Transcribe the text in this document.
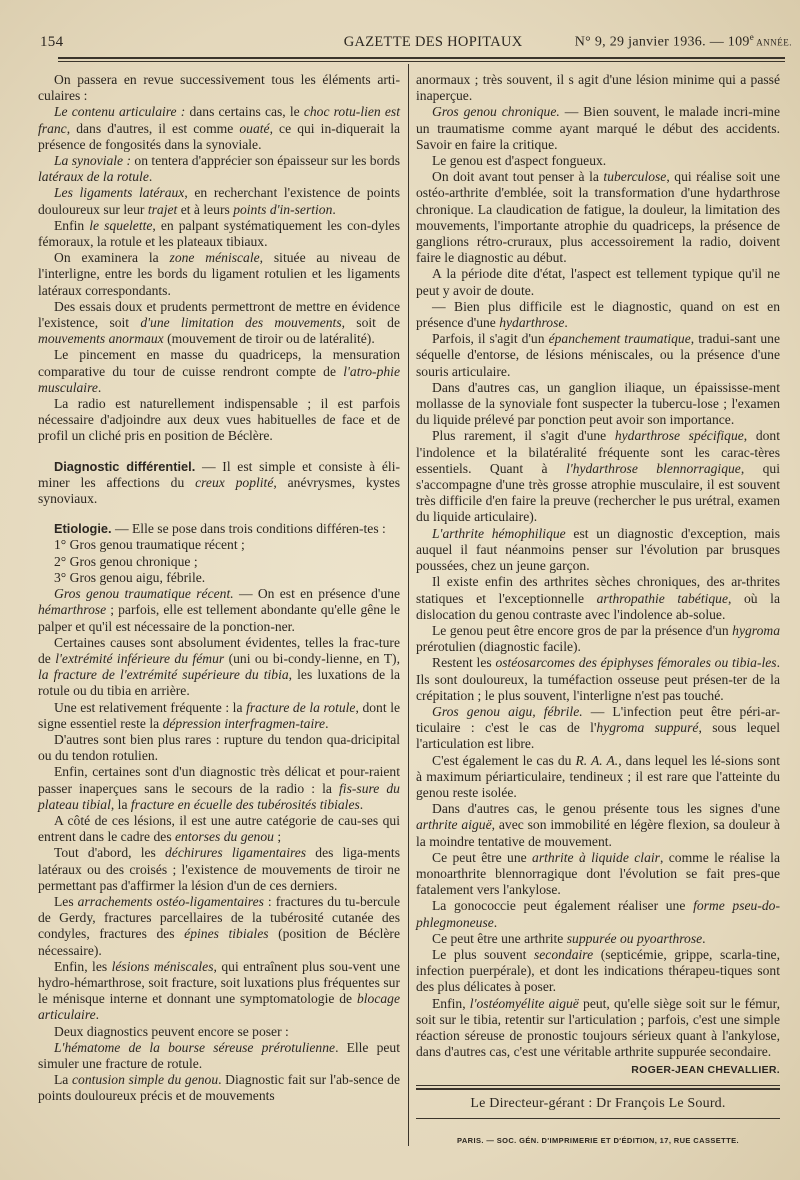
154	GAZETTE DES HOPITAUX	N° 9, 29 janvier 1936. — 109e ANNÉE.

On passera en revue successivement tous les éléments arti-culaires :

Le contenu articulaire : dans certains cas, le choc rotu-lien est franc, dans d'autres, il est comme ouaté, ce qui in-diquerait la présence de fongosités dans la synoviale.

La synoviale : on tentera d'apprécier son épaisseur sur les bords latéraux de la rotule.

Les ligaments latéraux, en recherchant l'existence de points douloureux sur leur trajet et à leurs points d'in-sertion.

Enfin le squelette, en palpant systématiquement les con-dyles fémoraux, la rotule et les plateaux tibiaux.

On examinera la zone méniscale, située au niveau de l'interligne, entre les bords du ligament rotulien et les ligaments latéraux correspondants.

Des essais doux et prudents permettront de mettre en évidence l'existence, soit d'une limitation des mouvements, soit de mouvements anormaux (mouvement de tiroir ou de latéralité).

Le pincement en masse du quadriceps, la mensuration comparative du tour de cuisse rendront compte de l'atro-phie musculaire.

La radio est naturellement indispensable ; il est parfois nécessaire d'adjoindre aux deux vues habituelles de face et de profil un cliché pris en position de Béclère.

Diagnostic différentiel. — Il est simple et consiste à éli-miner les affections du creux poplité, anévrysmes, kystes synoviaux.

Etiologie. — Elle se pose dans trois conditions différen-tes :

1° Gros genou traumatique récent ;

2° Gros genou chronique ;

3° Gros genou aigu, fébrile.

Gros genou traumatique récent. — On est en présence d'une hémarthrose ; parfois, elle est tellement abondante qu'elle gêne le palper et qu'il est nécessaire de la ponction-ner.

Certaines causes sont absolument évidentes, telles la frac-ture de l'extrémité inférieure du fémur (uni ou bi-condy-lienne, en T), la fracture de l'extrémité supérieure du tibia, les luxations de la rotule ou du tibia en arrière.

Une est relativement fréquente : la fracture de la rotule, dont le signe essentiel reste la dépression interfragmen-taire.

D'autres sont bien plus rares : rupture du tendon qua-dricipital ou du tendon rotulien.

Enfin, certaines sont d'un diagnostic très délicat et pour-raient passer inaperçues sans le secours de la radio : la fis-sure du plateau tibial, la fracture en écuelle des tubérosités tibiales.

A côté de ces lésions, il est une autre catégorie de cau-ses qui entrent dans le cadre des entorses du genou ;

Tout d'abord, les déchirures ligamentaires des liga-ments latéraux ou des croisés ; l'existence de mouvements de tiroir ne permettant pas d'affirmer la lésion d'un de ces derniers.

Les arrachements ostéo-ligamentaires : fractures du tu-bercule de Gerdy, fractures parcellaires de la tubérosité cutanée des condyles, fractures des épines tibiales (position de Béclère nécessaire).

Enfin, les lésions méniscales, qui entraînent plus sou-vent une hydro-hémarthrose, soit fracture, soit luxations plus fréquentes sur le ménisque interne et donnant une symptomatologie de blocage articulaire.

Deux diagnostics peuvent encore se poser :

L'hématome de la bourse séreuse prérotulienne. Elle peut simuler une fracture de rotule.

La contusion simple du genou. Diagnostic fait sur l'ab-sence de points douloureux précis et de mouvements

anormaux ; très souvent, il s agit d'une lésion minime qui a passé inaperçue.

Gros genou chronique. — Bien souvent, le malade incri-mine un traumatisme comme ayant marqué le début des accidents. Savoir en faire la critique.

Le genou est d'aspect fongueux.

On doit avant tout penser à la tuberculose, qui réalise soit une ostéo-arthrite d'emblée, soit la transformation d'une hydarthrose chronique. La claudication de fatigue, la douleur, la limitation des mouvements, l'importante atrophie du quadriceps, la présence de ganglions rétro-cruraux, plus accessoirement la radio, doivent faire le diagnostic au début.

A la période dite d'état, l'aspect est tellement typique qu'il ne peut y avoir de doute.

— Bien plus difficile est le diagnostic, quand on est en présence d'une hydarthrose.

Parfois, il s'agit d'un épanchement traumatique, tradui-sant une séquelle d'entorse, de lésions méniscales, ou la présence d'une souris articulaire.

Dans d'autres cas, un ganglion iliaque, un épaississe-ment mollasse de la synoviale font suspecter la tubercu-lose ; l'examen du liquide prélevé par ponction peut avoir son importance.

Plus rarement, il s'agit d'une hydarthrose spécifique, dont l'indolence et la bilatéralité fréquente sont les carac-tères essentiels. Quant à l'hydarthrose blennorragique, qui s'accompagne d'une très grosse atrophie musculaire, il est souvent très difficile d'en faire la preuve (rechercher le pus urétral, examen du liquide articulaire).

L'arthrite hémophilique est un diagnostic d'exception, mais auquel il faut néanmoins penser sur l'évolution par brusques poussées, chez un jeune garçon.

Il existe enfin des arthrites sèches chroniques, des ar-thrites statiques et l'exceptionnelle arthropathie tabétique, où la dislocation du genou contraste avec l'indolence ab-solue.

Le genou peut être encore gros de par la présence d'un hygroma prérotulien (diagnostic facile).

Restent les ostéosarcomes des épiphyses fémorales ou tibia-les. Ils sont douloureux, la tuméfaction osseuse peut présen-ter de la crépitation ; le plus souvent, l'interligne n'est pas touché.

Gros genou aigu, fébrile. — L'infection peut être péri-ar-ticulaire : c'est le cas de l'hygroma suppuré, sous lequel l'articulation est libre.

C'est également le cas du R. A. A., dans lequel les lé-sions sont à maximum périarticulaire, tendineux ; il est rare que l'atteinte du genou reste isolée.

Dans d'autres cas, le genou présente tous les signes d'une arthrite aiguë, avec son immobilité en légère flexion, sa douleur à la moindre tentative de mouvement.

Ce peut être une arthrite à liquide clair, comme le réalise la monoarthrite blennorragique dont l'évolution se fait pres-que fatalement vers l'ankylose.

La gonococcie peut également réaliser une forme pseu-do-phlegmoneuse.

Ce peut être une arthrite suppurée ou pyoarthrose.

Le plus souvent secondaire (septicémie, grippe, scarla-tine, infection puerpérale), et dont les indications thérapeu-tiques sont des plus délicates à poser.

Enfin, l'ostéomyélite aiguë peut, qu'elle siège soit sur le fémur, soit sur le tibia, retentir sur l'articulation ; parfois, c'est une simple réaction séreuse de pronostic toujours sérieux quant à l'ankylose, dans d'autres cas, c'est une véritable arthrite suppurée secondaire.

ROGER-JEAN CHEVALLIER.
Le Directeur-gérant : Dr François Le Sourd.
PARIS. — SOC. GÉN. D'IMPRIMERIE ET D'ÉDITION, 17, RUE CASSETTE.
